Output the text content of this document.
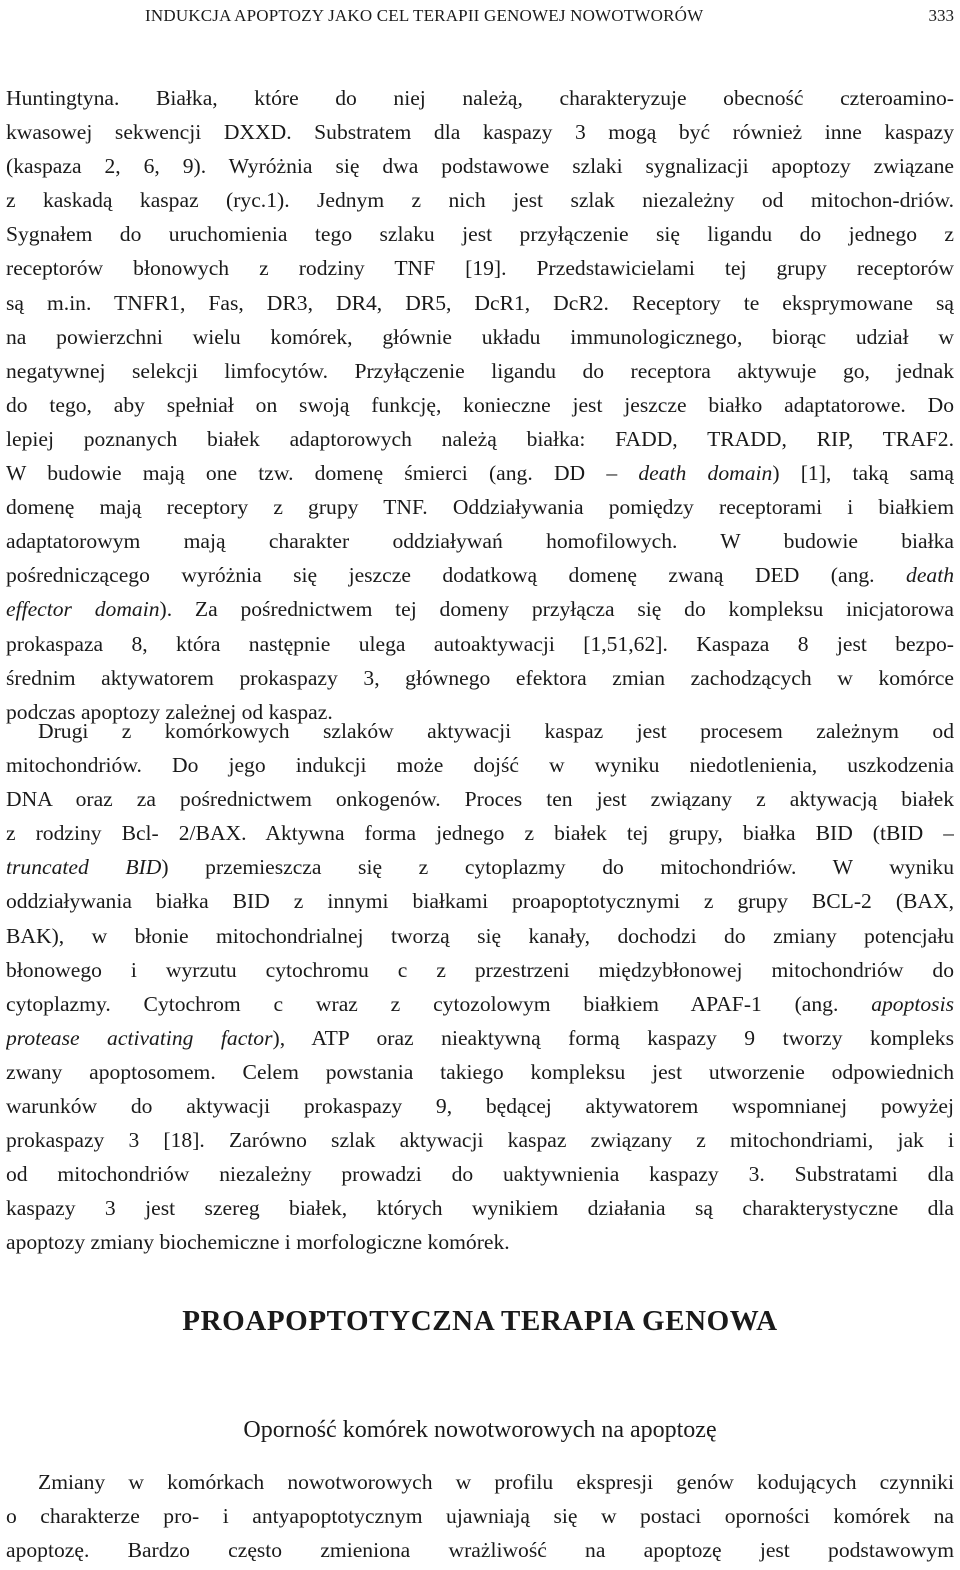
INDUKCJA APOPTOZY JAKO CEL TERAPII GENOWEJ NOWOTWORÓW	333
Huntingtyna. Białka, które do niej należą, charakteryzuje obecność czteroamino-
kwasowej sekwencji DXXD. Substratem dla kaspazy 3 mogą być również inne kaspazy
(kaspaza 2, 6, 9). Wyróżnia się dwa podstawowe szlaki sygnalizacji apoptozy związane
z kaskadą kaspaz (ryc.1). Jednym z nich jest szlak niezależny od mitochon-driów.
Sygnałem do uruchomienia tego szlaku jest przyłączenie się ligandu do jednego z
receptorów błonowych z rodziny TNF [19]. Przedstawicielami tej grupy receptorów
są m.in. TNFR1, Fas, DR3, DR4, DR5, DcR1, DcR2. Receptory te eksprymowane są
na powierzchni wielu komórek, głównie układu immunologicznego, biorąc udział w
negatywnej selekcji limfocytów. Przyłączenie ligandu do receptora aktywuje go, jednak
do tego, aby spełniał on swoją funkcję, konieczne jest jeszcze białko adaptatorowe. Do
lepiej poznanych białek adaptorowych należą białka: FADD, TRADD, RIP, TRAF2.
W budowie mają one tzw. domenę śmierci (ang. DD – death domain) [1], taką samą
domenę mają receptory z grupy TNF. Oddziaływania pomiędzy receptorami i białkiem
adaptatorowym mają charakter oddziaływań homofilowych. W budowie białka
pośredniczącego wyróżnia się jeszcze dodatkową domenę zwaną DED (ang. death
effector domain). Za pośrednictwem tej domeny przyłącza się do kompleksu inicjatorowa
prokaspaza 8, która następnie ulega autoaktywacji [1,51,62]. Kaspaza 8 jest bezpo-
średnim aktywatorem prokaspazy 3, głównego efektora zmian zachodzących w komórce
podczas apoptozy zależnej od kaspaz.
Drugi z komórkowych szlaków aktywacji kaspaz jest procesem zależnym od
mitochondriów. Do jego indukcji może dojść w wyniku niedotlenienia, uszkodzenia
DNA oraz za pośrednictwem onkogenów. Proces ten jest związany z aktywacją białek
z rodziny Bcl- 2/BAX. Aktywna forma jednego z białek tej grupy, białka BID (tBID –
truncated BID) przemieszcza się z cytoplazmy do mitochondriów. W wyniku
oddziaływania białka BID z innymi białkami proapoptotycznymi z grupy BCL-2 (BAX,
BAK), w błonie mitochondrialnej tworzą się kanały, dochodzi do zmiany potencjału
błonowego i wyrzutu cytochromu c z przestrzeni międzybłonowej mitochondriów do
cytoplazmy. Cytochrom c wraz z cytozolowym białkiem APAF-1 (ang. apoptosis
protease activating factor), ATP oraz nieaktywną formą kaspazy 9 tworzy kompleks
zwany apoptosomem. Celem powstania takiego kompleksu jest utworzenie odpowiednich
warunków do aktywacji prokaspazy 9, będącej aktywatorem wspomnianej powyżej
prokaspazy 3 [18]. Zarówno szlak aktywacji kaspaz związany z mitochondriami, jak i
od mitochondriów niezależny prowadzi do uaktywnienia kaspazy 3. Substratami dla
kaspazy 3 jest szereg białek, których wynikiem działania są charakterystyczne dla
apoptozy zmiany biochemiczne i morfologiczne komórek.
PROAPOPTOTYCZNA TERAPIA GENOWA
Oporność komórek nowotworowych na apoptozę
Zmiany w komórkach nowotworowych w profilu ekspresji genów kodujących czynniki
o charakterze pro- i antyapoptotycznym ujawniają się w postaci oporności komórek na
apoptozę. Bardzo często zmieniona wrażliwość na apoptozę jest podstawowym
